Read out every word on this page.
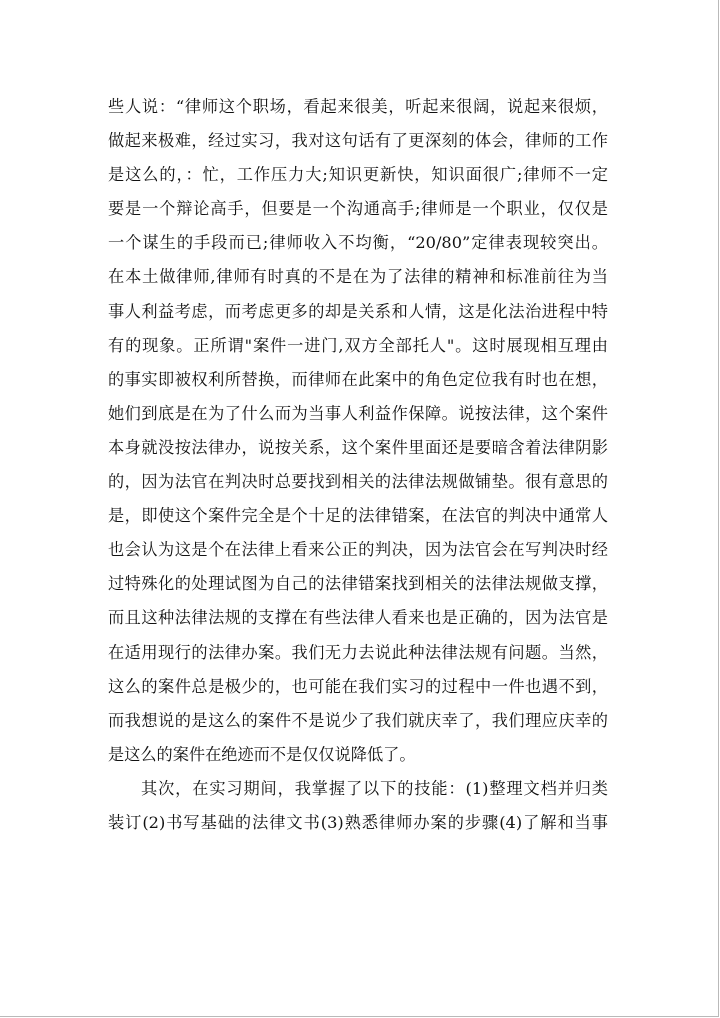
些人说：“律师这个职场，看起来很美，听起来很阔，说起来很烦，
做起来极难，经过实习，我对这句话有了更深刻的体会，律师的工作
是这么的，：忙，工作压力大;知识更新快，知识面很广;律师不一定
要是一个辩论高手，但要是一个沟通高手;律师是一个职业，仅仅是
一个谋生的手段而已;律师收入不均衡，“20/80”定律表现较突出。
在本土做律师,律师有时真的不是在为了法律的精神和标准前往为当
事人利益考虑，而考虑更多的却是关系和人情，这是化法治进程中特
有的现象。正所谓"案件一进门,双方全部托人"。这时展现相互理由
的事实即被权利所替换，而律师在此案中的角色定位我有时也在想，
她们到底是在为了什么而为当事人利益作保障。说按法律，这个案件
本身就没按法律办，说按关系，这个案件里面还是要暗含着法律阴影
的，因为法官在判决时总要找到相关的法律法规做铺垫。很有意思的
是，即使这个案件完全是个十足的法律错案，在法官的判决中通常人
也会认为这是个在法律上看来公正的判决，因为法官会在写判决时经
过特殊化的处理试图为自己的法律错案找到相关的法律法规做支撑，
而且这种法律法规的支撑在有些法律人看来也是正确的，因为法官是
在适用现行的法律办案。我们无力去说此种法律法规有问题。当然，
这么的案件总是极少的，也可能在我们实习的过程中一件也遇不到，
而我想说的是这么的案件不是说少了我们就庆幸了，我们理应庆幸的
是这么的案件在绝迹而不是仅仅说降低了。

其次，在实习期间，我掌握了以下的技能：(1)整理文档并归类
装订(2)书写基础的法律文书(3)熟悉律师办案的步骤(4)了解和当事
